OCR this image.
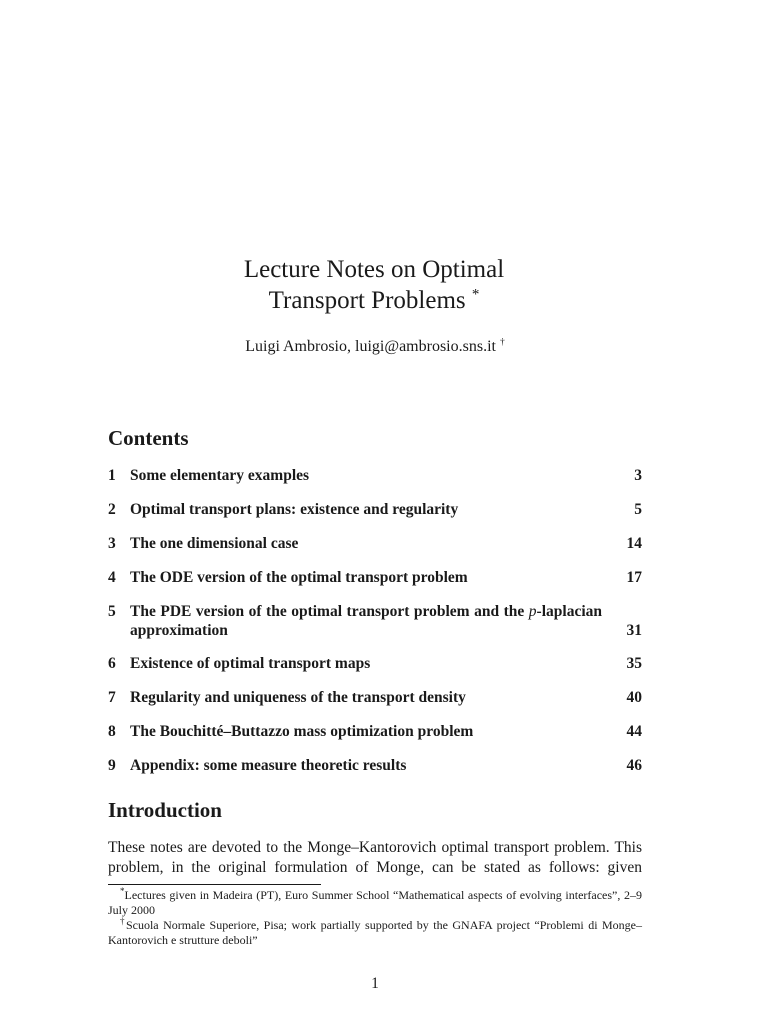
Lecture Notes on Optimal
Transport Problems *
Luigi Ambrosio, luigi@ambrosio.sns.it †
Contents
1 Some elementary examples	3
2 Optimal transport plans: existence and regularity	5
3 The one dimensional case	14
4 The ODE version of the optimal transport problem	17
5 The PDE version of the optimal transport problem and the p-laplacian approximation	31
6 Existence of optimal transport maps	35
7 Regularity and uniqueness of the transport density	40
8 The Bouchitté–Buttazzo mass optimization problem	44
9 Appendix: some measure theoretic results	46
Introduction

These notes are devoted to the Monge–Kantorovich optimal transport problem. This problem, in the original formulation of Monge, can be stated as follows: given

*Lectures given in Madeira (PT), Euro Summer School “Mathematical aspects of evolving interfaces”, 2–9 July 2000

†Scuola Normale Superiore, Pisa; work partially supported by the GNAFA project “Problemi di Monge–Kantorovich e strutture deboli”

1
